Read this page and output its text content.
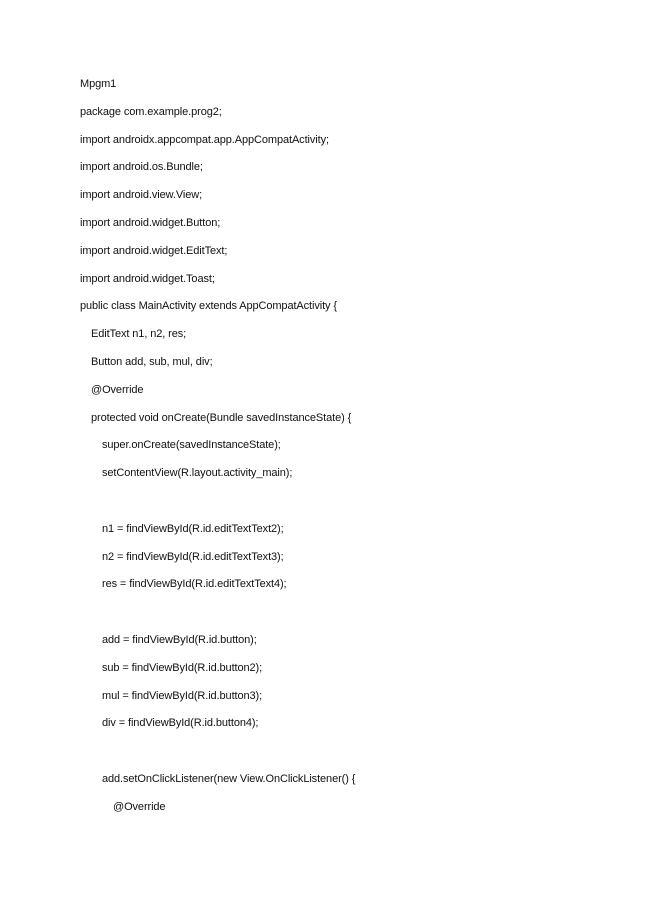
Mpgm1
package com.example.prog2;
import androidx.appcompat.app.AppCompatActivity;
import android.os.Bundle;
import android.view.View;
import android.widget.Button;
import android.widget.EditText;
import android.widget.Toast;
public class MainActivity extends AppCompatActivity {
EditText n1, n2, res;
Button add, sub, mul, div;
@Override
protected void onCreate(Bundle savedInstanceState) {
super.onCreate(savedInstanceState);
setContentView(R.layout.activity_main);
n1 = findViewById(R.id.editTextText2);
n2 = findViewById(R.id.editTextText3);
res = findViewById(R.id.editTextText4);
add = findViewById(R.id.button);
sub = findViewById(R.id.button2);
mul = findViewById(R.id.button3);
div = findViewById(R.id.button4);
add.setOnClickListener(new View.OnClickListener() {
@Override
